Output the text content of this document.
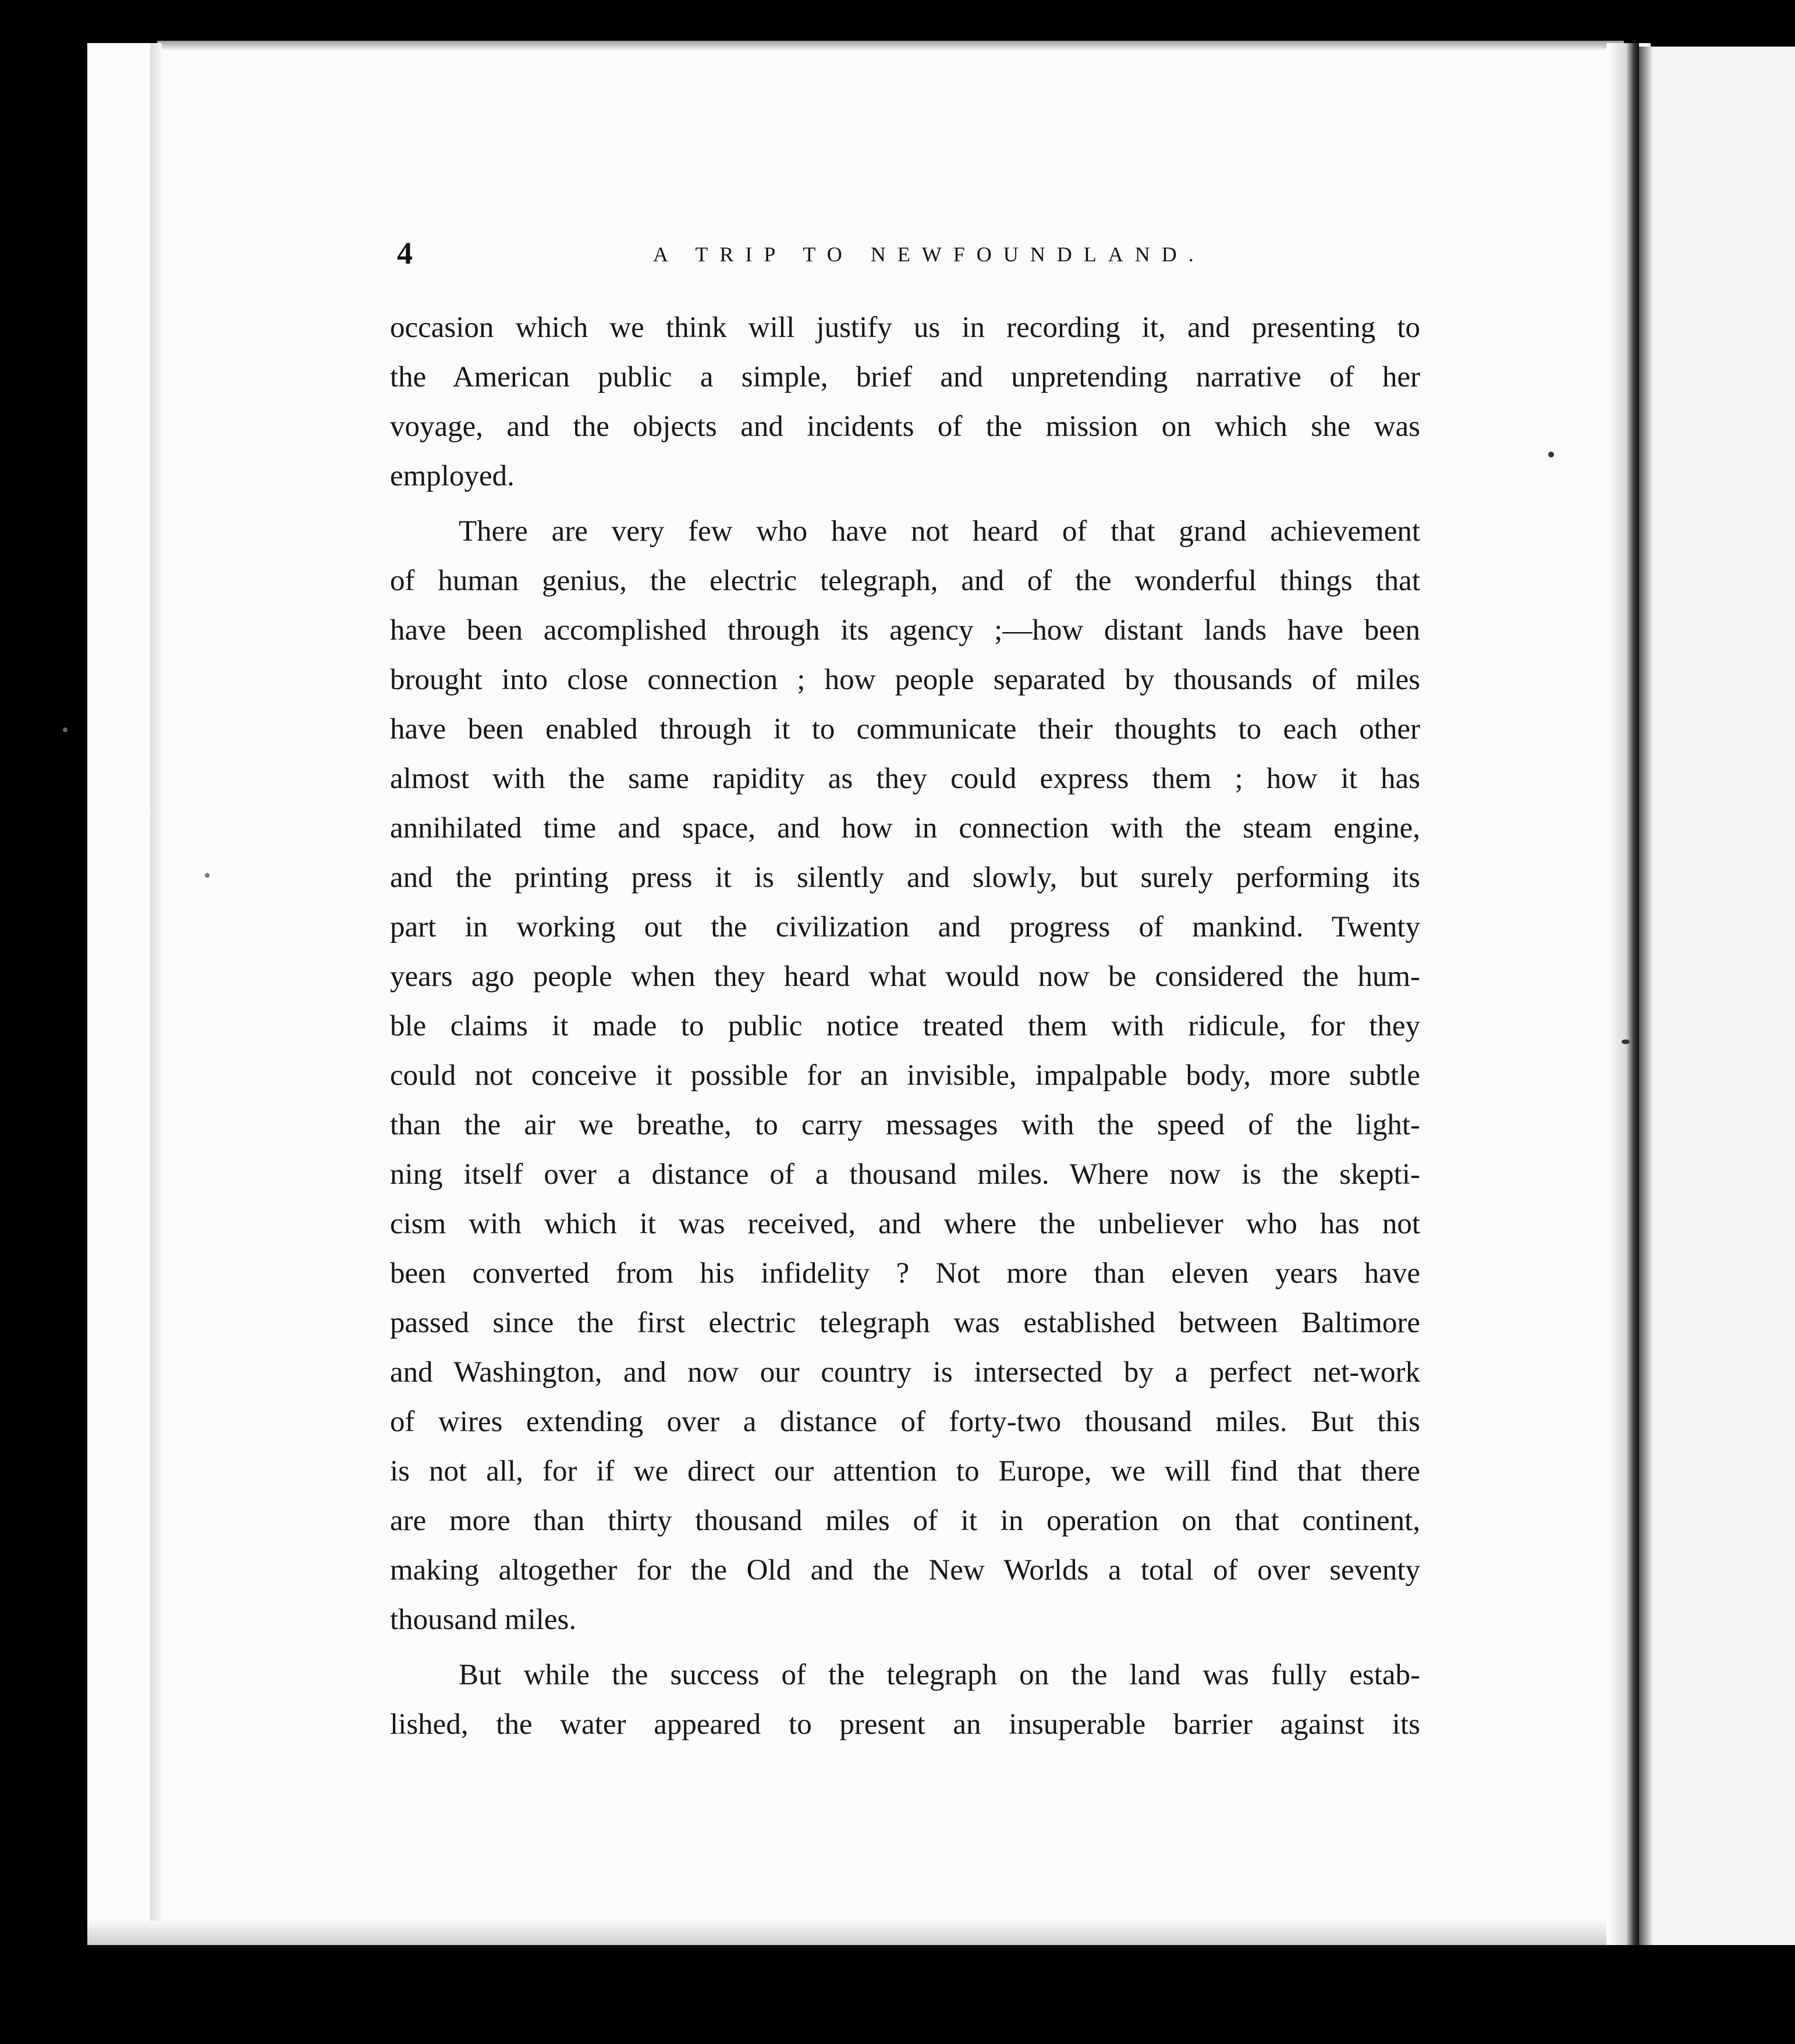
4	A TRIP TO NEWFOUNDLAND.
occasion which we think will justify us in recording it, and presenting to
the American public a simple, brief and unpretending narrative of her
voyage, and the objects and incidents of the mission on which she was
employed.
There are very few who have not heard of that grand achievement
of human genius, the electric telegraph, and of the wonderful things that
have been accomplished through its agency ;—how distant lands have been
brought into close connection ; how people separated by thousands of miles
have been enabled through it to communicate their thoughts to each other
almost with the same rapidity as they could express them ; how it has
annihilated time and space, and how in connection with the steam engine,
and the printing press it is silently and slowly, but surely performing its
part in working out the civilization and progress of mankind. Twenty
years ago people when they heard what would now be considered the hum-
ble claims it made to public notice treated them with ridicule, for they
could not conceive it possible for an invisible, impalpable body, more subtle
than the air we breathe, to carry messages with the speed of the light-
ning itself over a distance of a thousand miles. Where now is the skepti-
cism with which it was received, and where the unbeliever who has not
been converted from his infidelity ? Not more than eleven years have
passed since the first electric telegraph was established between Baltimore
and Washington, and now our country is intersected by a perfect net-work
of wires extending over a distance of forty-two thousand miles. But this
is not all, for if we direct our attention to Europe, we will find that there
are more than thirty thousand miles of it in operation on that continent,
making altogether for the Old and the New Worlds a total of over seventy
thousand miles.
But while the success of the telegraph on the land was fully estab-
lished, the water appeared to present an insuperable barrier against its
